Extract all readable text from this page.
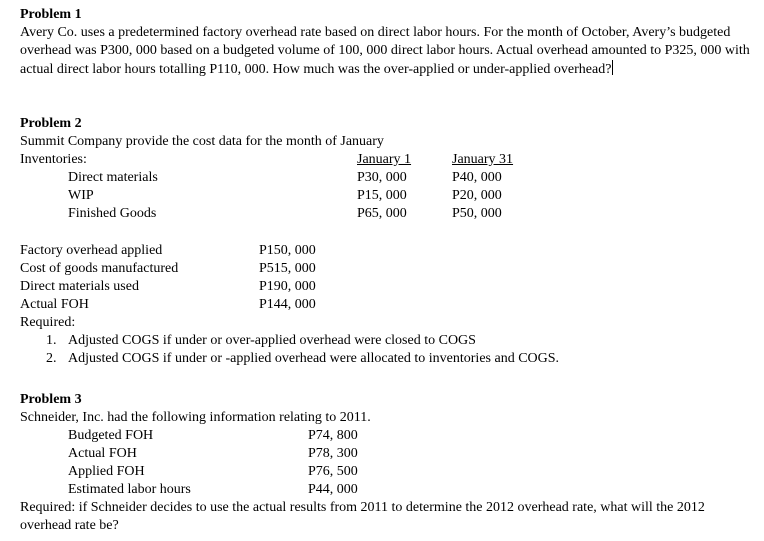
Problem 1
Avery Co. uses a predetermined factory overhead rate based on direct labor hours. For the month of October, Avery’s budgeted overhead was P300, 000 based on a budgeted volume of 100, 000 direct labor hours. Actual overhead amounted to P325, 000 with actual direct labor hours totalling P110, 000. How much was the over-applied or under-applied overhead?
Problem 2
Summit Company provide the cost data for the month of January
Inventories:	January 1	January 31
Direct materials	P30, 000	P40, 000
WIP	P15, 000	P20, 000
Finished Goods	P65, 000	P50, 000
Factory overhead applied	P150, 000
Cost of goods manufactured	P515, 000
Direct materials used	P190, 000
Actual FOH	P144, 000
Required:
1. Adjusted COGS if under or over-applied overhead were closed to COGS
2. Adjusted COGS if under or -applied overhead were allocated to inventories and COGS.
Problem 3
Schneider, Inc. had the following information relating to 2011.
Budgeted FOH	P74, 800
Actual FOH	P78, 300
Applied FOH	P76, 500
Estimated labor hours	P44, 000
Required: if Schneider decides to use the actual results from 2011 to determine the 2012 overhead rate, what will the 2012 overhead rate be?
